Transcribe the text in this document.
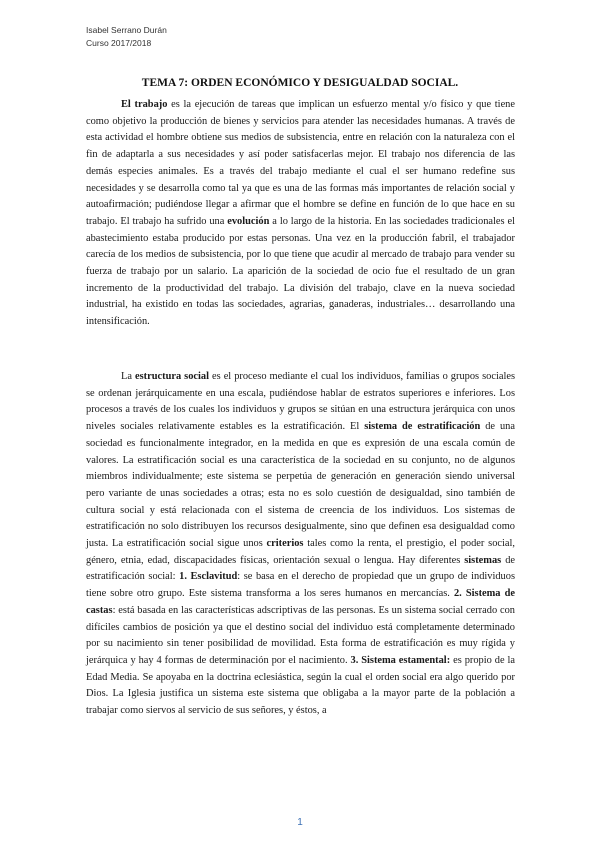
Isabel Serrano Durán
Curso 2017/2018
TEMA 7: ORDEN ECONÓMICO Y DESIGUALDAD SOCIAL.
El trabajo es la ejecución de tareas que implican un esfuerzo mental y/o físico y que tiene como objetivo la producción de bienes y servicios para atender las necesidades humanas. A través de esta actividad el hombre obtiene sus medios de subsistencia, entre en relación con la naturaleza con el fin de adaptarla a sus necesidades y así poder satisfacerlas mejor. El trabajo nos diferencia de las demás especies animales. Es a través del trabajo mediante el cual el ser humano redefine sus necesidades y se desarrolla como tal ya que es una de las formas más importantes de relación social y autoafirmación; pudiéndose llegar a afirmar que el hombre se define en función de lo que hace en su trabajo. El trabajo ha sufrido una evolución a lo largo de la historia. En las sociedades tradicionales el abastecimiento estaba producido por estas personas. Una vez en la producción fabril, el trabajador carecía de los medios de subsistencia, por lo que tiene que acudir al mercado de trabajo para vender su fuerza de trabajo por un salario. La aparición de la sociedad de ocio fue el resultado de un gran incremento de la productividad del trabajo. La división del trabajo, clave en la nueva sociedad industrial, ha existido en todas las sociedades, agrarias, ganaderas, industriales… desarrollando una intensificación.
La estructura social es el proceso mediante el cual los individuos, familias o grupos sociales se ordenan jerárquicamente en una escala, pudiéndose hablar de estratos superiores e inferiores. Los procesos a través de los cuales los individuos y grupos se sitúan en una estructura jerárquica con unos niveles sociales relativamente estables es la estratificación. El sistema de estratificación de una sociedad es funcionalmente integrador, en la medida en que es expresión de una escala común de valores. La estratificación social es una característica de la sociedad en su conjunto, no de algunos miembros individualmente; este sistema se perpetúa de generación en generación siendo universal pero variante de unas sociedades a otras; esta no es solo cuestión de desigualdad, sino también de cultura social y está relacionada con el sistema de creencia de los individuos. Los sistemas de estratificación no solo distribuyen los recursos desigualmente, sino que definen esa desigualdad como justa. La estratificación social sigue unos criterios tales como la renta, el prestigio, el poder social, género, etnia, edad, discapacidades físicas, orientación sexual o lengua. Hay diferentes sistemas de estratificación social: 1. Esclavitud: se basa en el derecho de propiedad que un grupo de individuos tiene sobre otro grupo. Este sistema transforma a los seres humanos en mercancías. 2. Sistema de castas: está basada en las características adscriptivas de las personas. Es un sistema social cerrado con difíciles cambios de posición ya que el destino social del individuo está completamente determinado por su nacimiento sin tener posibilidad de movilidad. Esta forma de estratificación es muy rígida y jerárquica y hay 4 formas de determinación por el nacimiento. 3. Sistema estamental: es propio de la Edad Media. Se apoyaba en la doctrina eclesiástica, según la cual el orden social era algo querido por Dios. La Iglesia justifica un sistema este sistema que obligaba a la mayor parte de la población a trabajar como siervos al servicio de sus señores, y éstos, a
1
